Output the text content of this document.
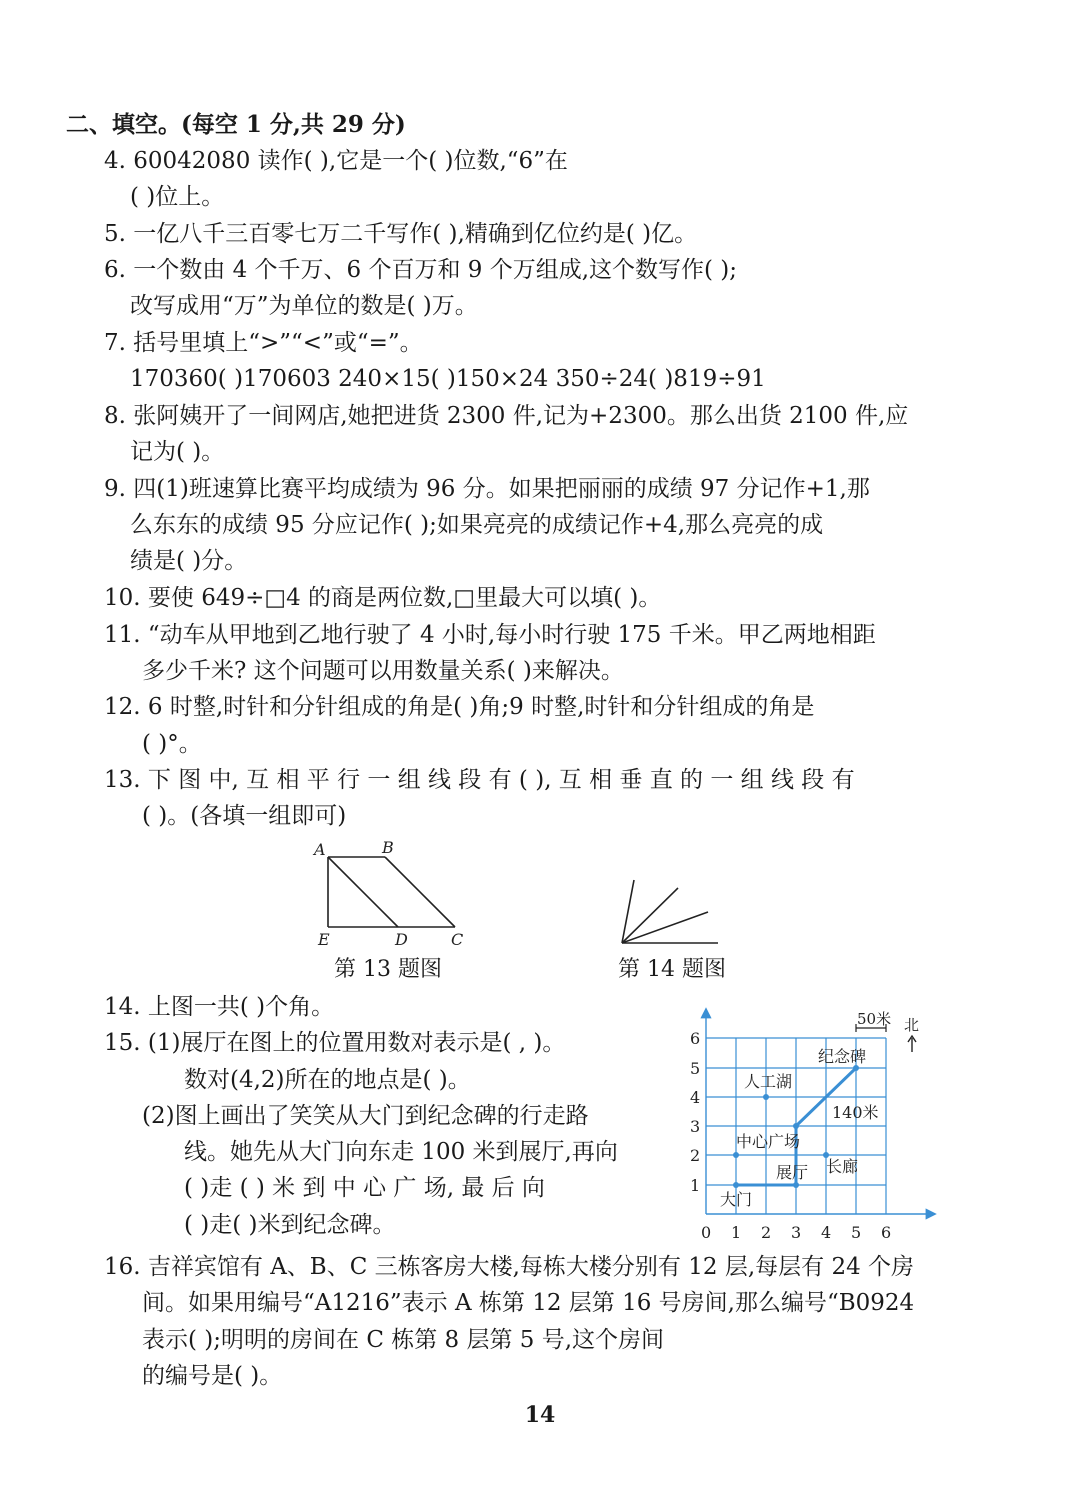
二、填空。(每空 1 分,共 29 分)
4. 60042080 读作( ),它是一个( )位数,“6”在
( )位上。
5. 一亿八千三百零七万二千写作( ),精确到亿位约是( )亿。
6. 一个数由 4 个千万、6 个百万和 9 个万组成,这个数写作( );
改写成用“万”为单位的数是( )万。
7. 括号里填上“>”“<”或“=”。
170360( )170603 240×15( )150×24 350÷24( )819÷91
8. 张阿姨开了一间网店,她把进货 2300 件,记为+2300。那么出货 2100 件,应
记为( )。
9. 四(1)班速算比赛平均成绩为 96 分。如果把丽丽的成绩 97 分记作+1,那
么东东的成绩 95 分应记作( );如果亮亮的成绩记作+4,那么亮亮的成
绩是( )分。
10. 要使 649÷□4 的商是两位数,□里最大可以填( )。
11. “动车从甲地到乙地行驶了 4 小时,每小时行驶 175 千米。甲乙两地相距
多少千米? 这个问题可以用数量关系( )来解决。
12. 6 时整,时针和分针组成的角是( )角;9 时整,时针和分针组成的角是
( )°。
13. 下 图 中, 互 相 平 行 一 组 线 段 有 ( ), 互 相 垂 直 的 一 组 线 段 有
( )。(各填一组即可)
A	B
E	D	C
第 13 题图	第 14 题图
14. 上图一共( )个角。
15. (1)展厅在图上的位置用数对表示是( , )。
数对(4,2)所在的地点是( )。
(2)图上画出了笑笑从大门到纪念碑的行走路
线。她先从大门向东走 100 米到展厅,再向
( )走 ( ) 米 到 中 心 广 场, 最 后 向
( )走( )米到纪念碑。	0 1 2 3 4 5 6
1
2
3
4
5
6
纪念碑
人工湖
中心广场
展厅 长廊
大门
140米
50米 北
16. 吉祥宾馆有 A、B、C 三栋客房大楼,每栋大楼分别有 12 层,每层有 24 个房
间。如果用编号“A1216”表示 A 栋第 12 层第 16 号房间,那么编号“B0924
表示( );明明的房间在 C 栋第 8 层第 5 号,这个房间
的编号是( )。
14
